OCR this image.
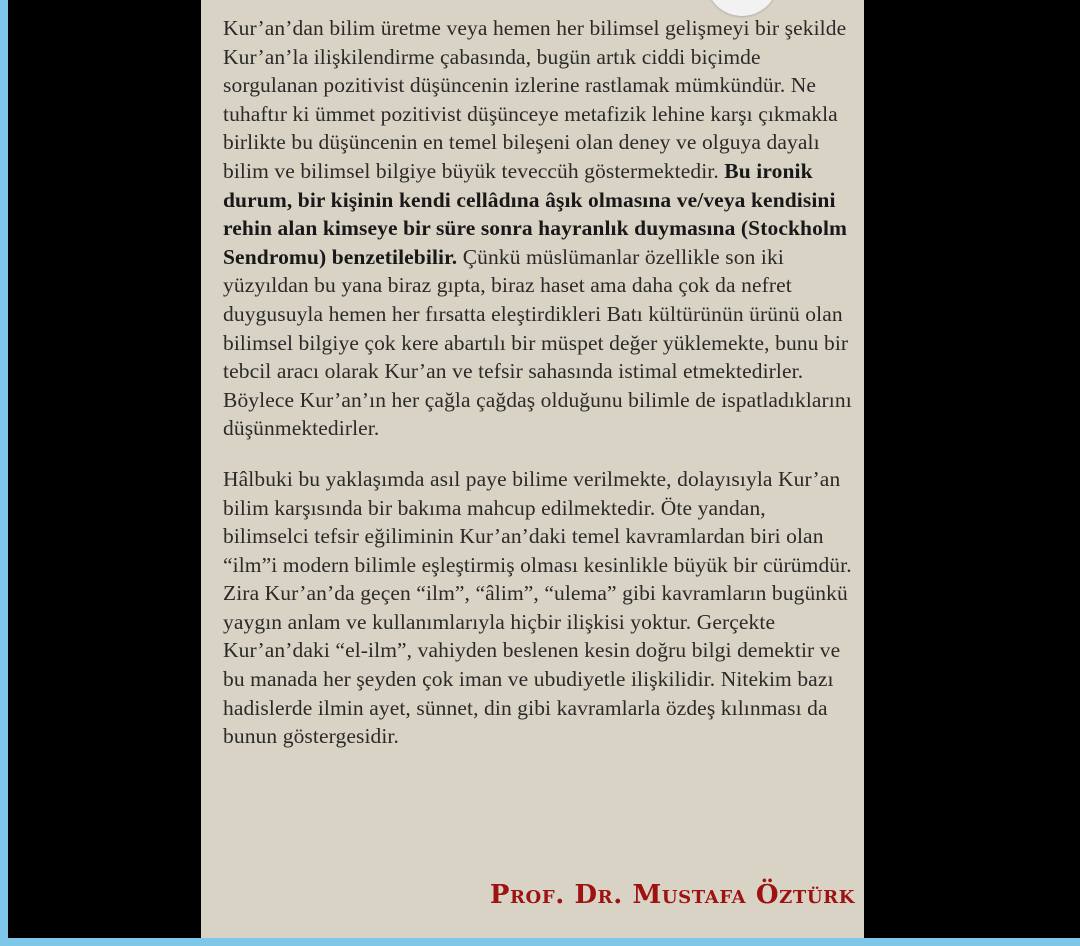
Kur’an’dan bilim üretme veya hemen her bilimsel gelişmeyi bir şekilde Kur’an’la ilişkilendirme çabasında, bugün artık ciddi biçimde sorgulanan pozitivist düşüncenin izlerine rastlamak mümkündür. Ne tuhaftır ki ümmet pozitivist düşünceye metafizik lehine karşı çıkmakla birlikte bu düşüncenin en temel bileşeni olan deney ve olguya dayalı bilim ve bilimsel bilgiye büyük teveccüh göstermektedir. Bu ironik durum, bir kişinin kendi cellâdına âşık olmasına ve/veya kendisini rehin alan kimseye bir süre sonra hayranlık duymasına (Stockholm Sendromu) benzetilebilir. Çünkü müslümanlar özellikle son iki yüzyıldan bu yana biraz gıpta, biraz haset ama daha çok da nefret duygusuyla hemen her fırsatta eleştirdikleri Batı kültürünün ürünü olan bilimsel bilgiye çok kere abartılı bir müspet değer yüklemekte, bunu bir tebcil aracı olarak Kur’an ve tefsir sahasında istimal etmektedirler. Böylece Kur’an’ın her çağla çağdaş olduğunu bilimle de ispatladıklarını düşünmektedirler.

Hâlbuki bu yaklaşımda asıl paye bilime verilmekte, dolayısıyla Kur’an bilim karşısında bir bakıma mahcup edilmektedir. Öte yandan, bilimselci tefsir eğiliminin Kur’an’daki temel kavramlardan biri olan “ilm”i modern bilimle eşleştirmiş olması kesinlikle büyük bir cürümdür. Zira Kur’an’da geçen “ilm”, “âlim”, “ulema” gibi kavramların bugünkü yaygın anlam ve kullanımlarıyla hiçbir ilişkisi yoktur. Gerçekte Kur’an’daki “el-ilm”, vahiyden beslenen kesin doğru bilgi demektir ve bu manada her şeyden çok iman ve ubudiyetle ilişkilidir. Nitekim bazı hadislerde ilmin ayet, sünnet, din gibi kavramlarla özdeş kılınması da bunun göstergesidir.

Prof. Dr. Mustafa Öztürk
